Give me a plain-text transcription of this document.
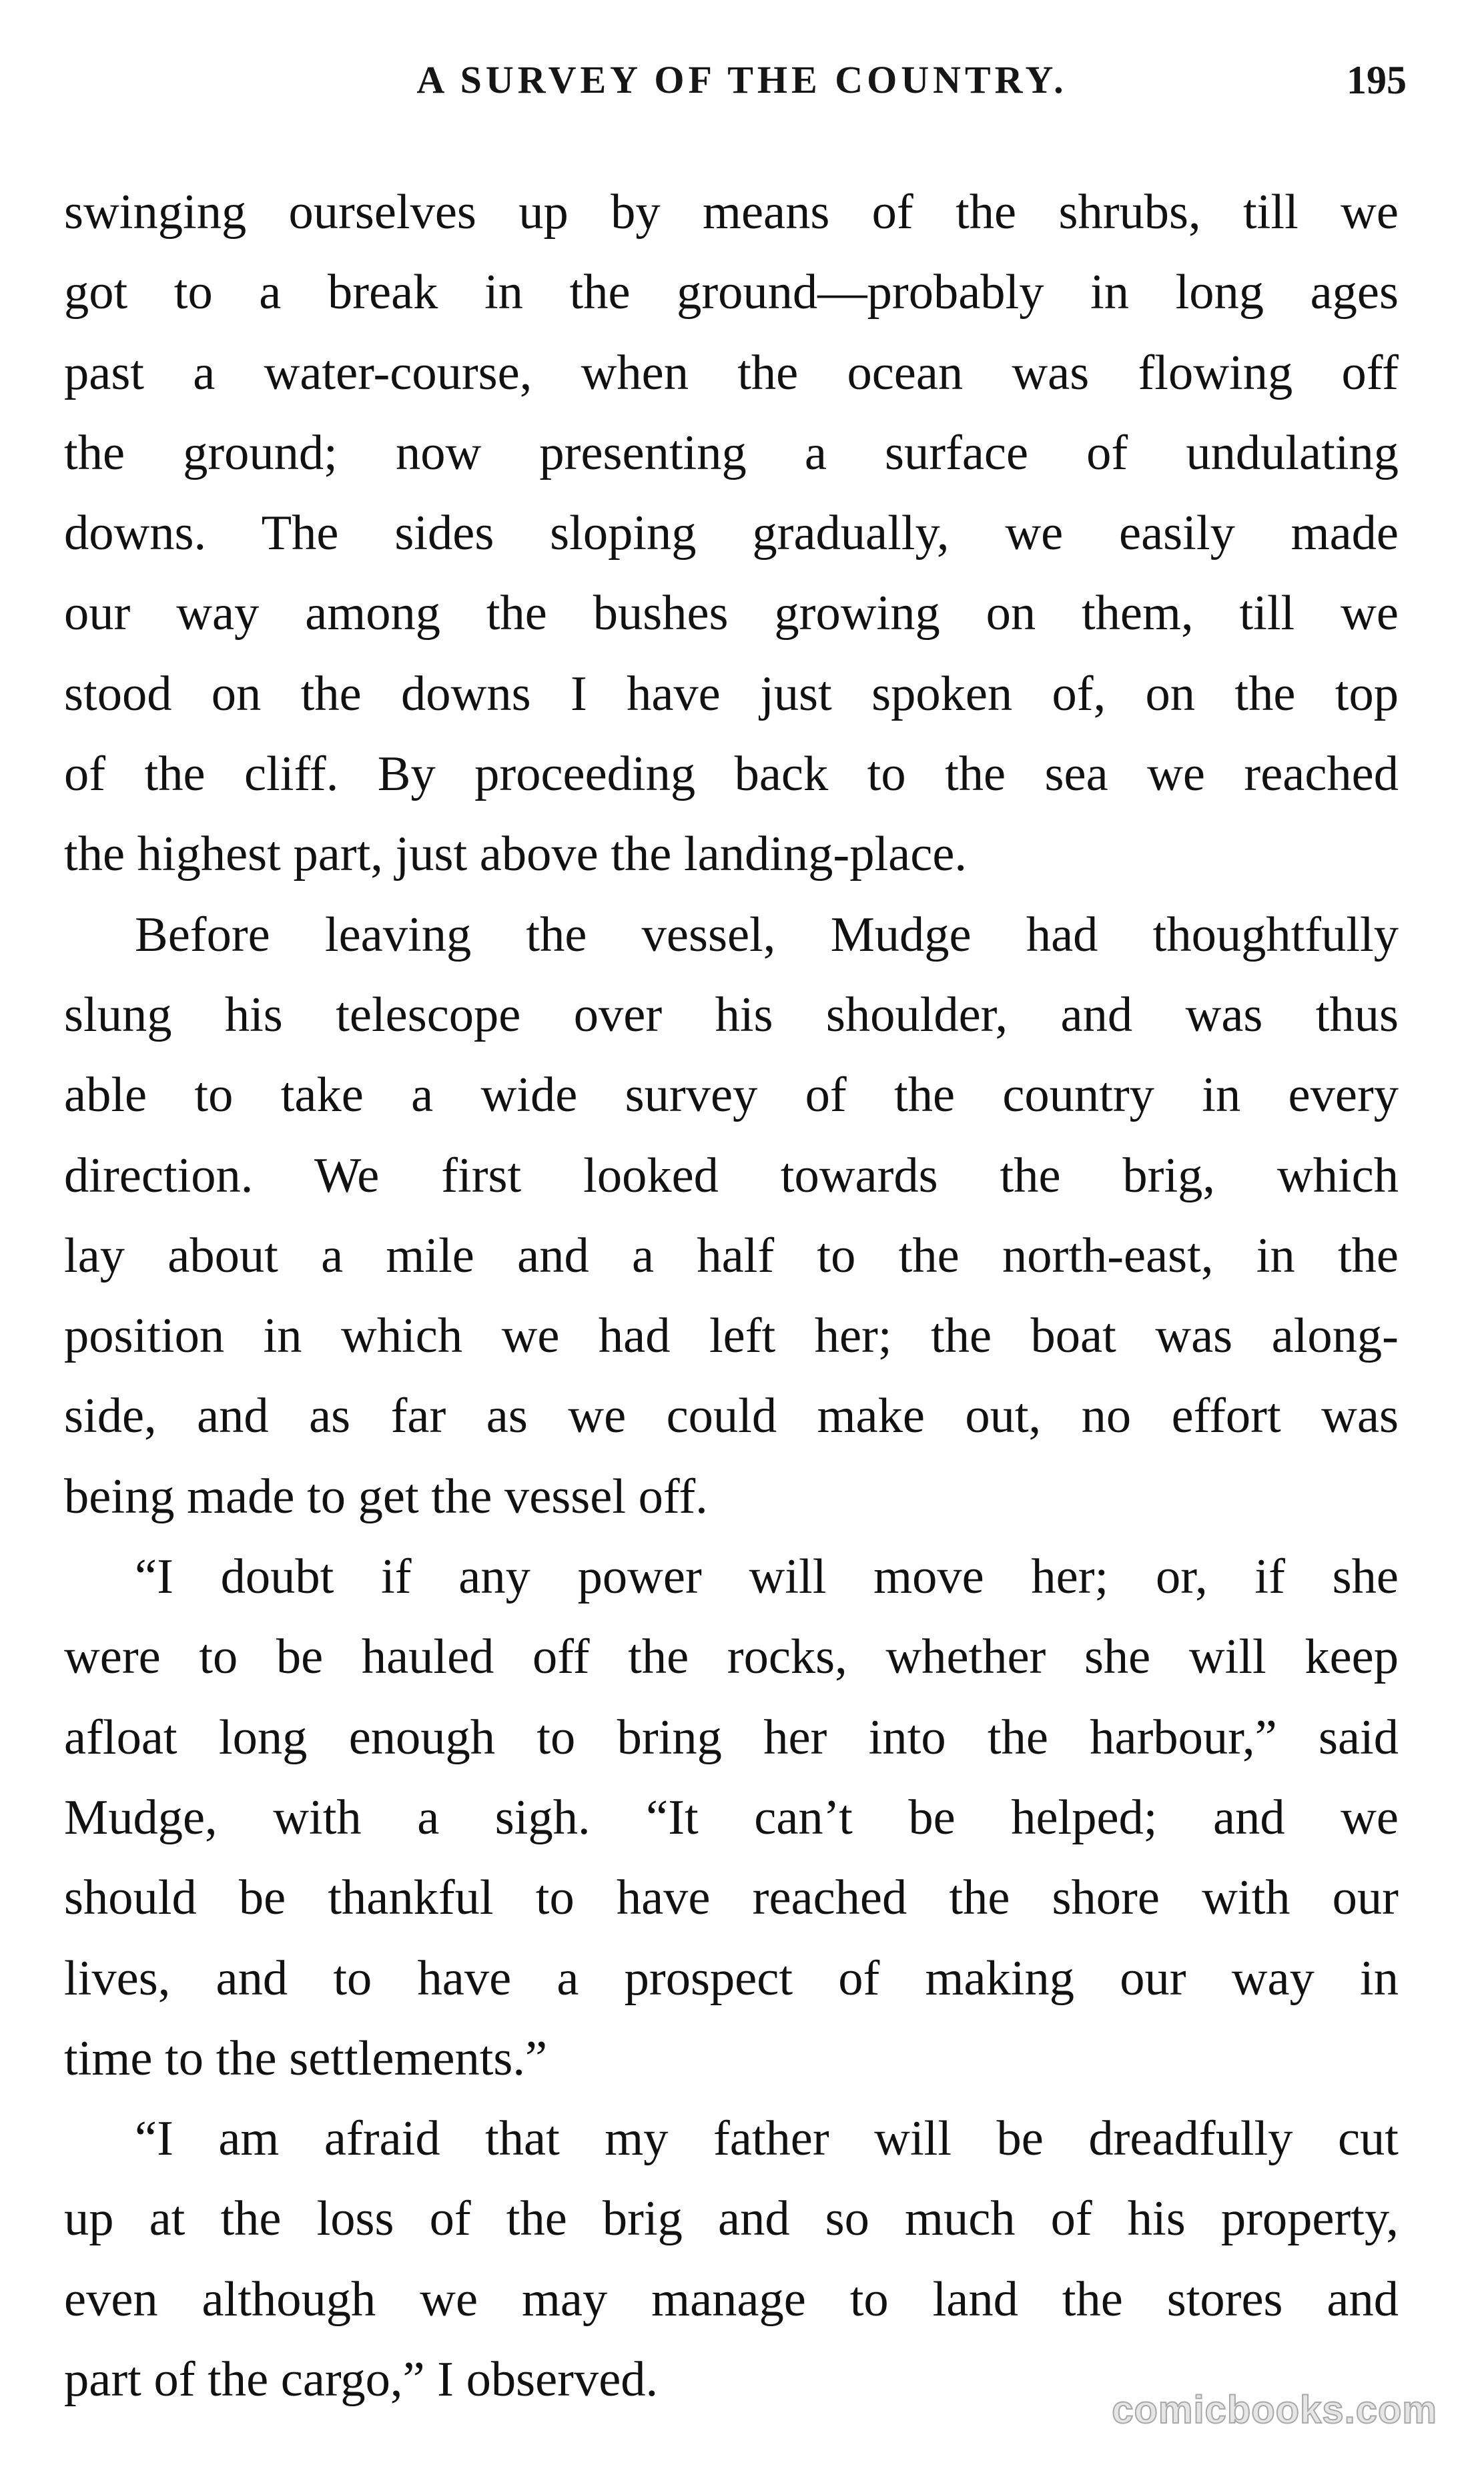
A SURVEY OF THE COUNTRY.	195
swinging ourselves up by means of the shrubs, till we
got to a break in the ground—probably in long ages
past a water-course, when the ocean was flowing off
the ground; now presenting a surface of undulating
downs. The sides sloping gradually, we easily made
our way among the bushes growing on them, till we
stood on the downs I have just spoken of, on the top
of the cliff. By proceeding back to the sea we reached
the highest part, just above the landing-place.
Before leaving the vessel, Mudge had thoughtfully
slung his telescope over his shoulder, and was thus
able to take a wide survey of the country in every
direction. We first looked towards the brig, which
lay about a mile and a half to the north-east, in the
position in which we had left her; the boat was along-
side, and as far as we could make out, no effort was
being made to get the vessel off.
“I doubt if any power will move her; or, if she
were to be hauled off the rocks, whether she will keep
afloat long enough to bring her into the harbour,” said
Mudge, with a sigh. “It can’t be helped; and we
should be thankful to have reached the shore with our
lives, and to have a prospect of making our way in
time to the settlements.”
“I am afraid that my father will be dreadfully cut
up at the loss of the brig and so much of his property,
even although we may manage to land the stores and
part of the cargo,” I observed.
comicbooks.com
